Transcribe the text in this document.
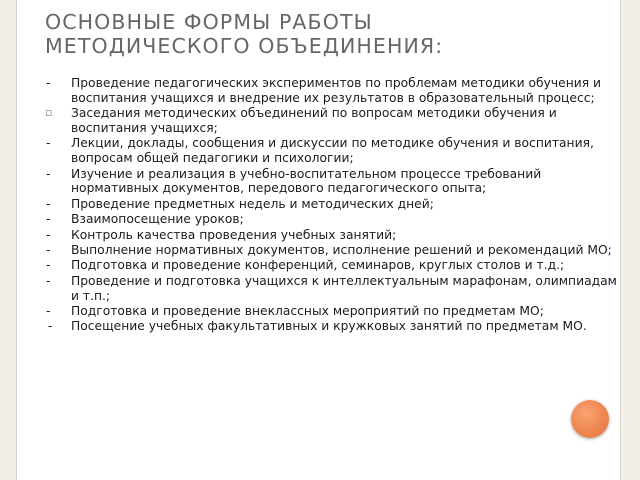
ОСНОВНЫЕ ФОРМЫ РАБОТЫ
МЕТОДИЧЕСКОГО ОБЪЕДИНЕНИЯ:
-	Проведение педагогических экспериментов по проблемам методики обучения и воспитания учащихся и внедрение их результатов в образовательный процесс;
▫	Заседания методических объединений по вопросам методики обучения и воспитания учащихся;
-	Лекции, доклады, сообщения и дискуссии по методике обучения и воспитания, вопросам общей педагогики и психологии;
-	Изучение и реализация в учебно-воспитательном процессе требований нормативных документов, передового педагогического опыта;
-	Проведение предметных недель и методических дней;
-	Взаимопосещение уроков;
-	Контроль качества проведения учебных занятий;
-	Выполнение нормативных документов, исполнение решений и рекомендаций МО;
-	Подготовка и проведение конференций, семинаров, круглых столов и т.д.;
-	Проведение и подготовка учащихся к интеллектуальным марафонам, олимпиадам и т.п.;
-	Подготовка и проведение внеклассных мероприятий по предметам МО;
-	Посещение учебных факультативных и кружковых занятий по предметам МО.
